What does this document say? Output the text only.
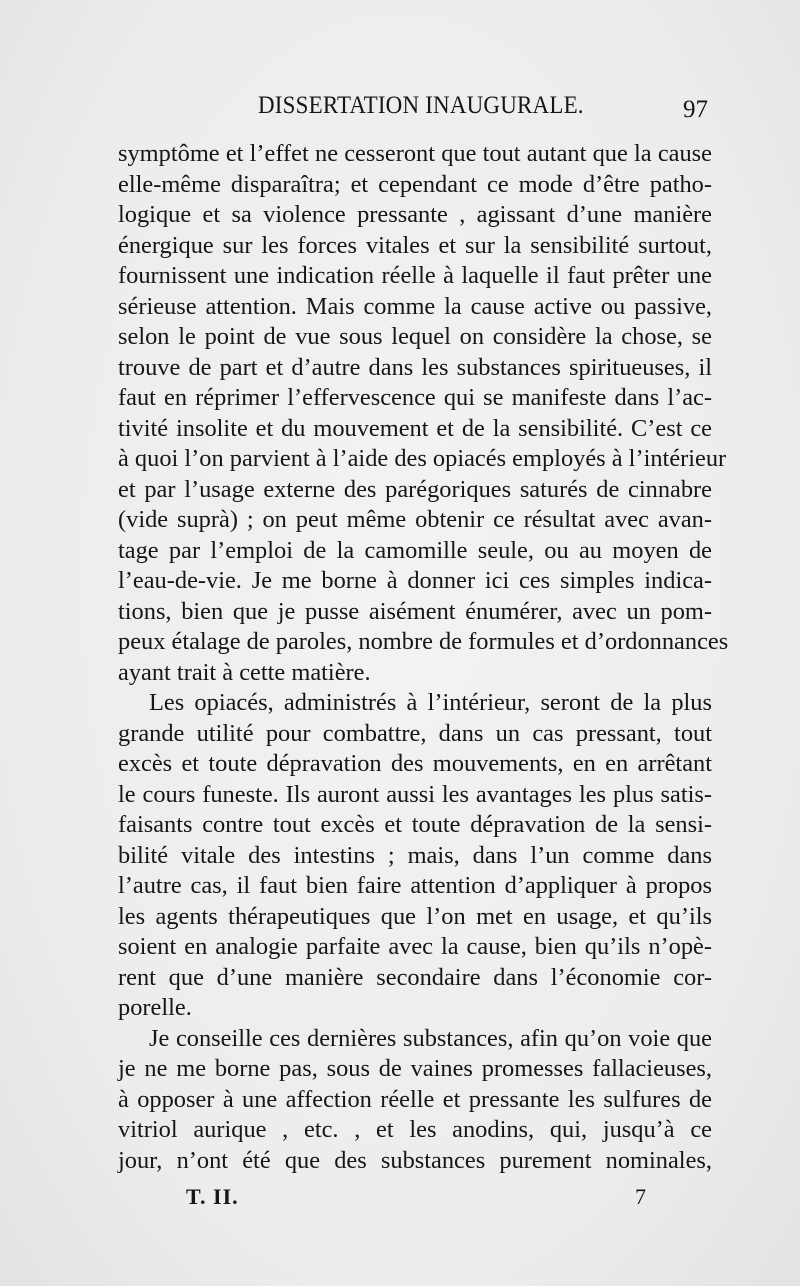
DISSERTATION INAUGURALE.	97
symptôme et l’effet ne cesseront que tout autant que la cause
elle-même disparaîtra; et cependant ce mode d’être patho-
logique et sa violence pressante , agissant d’une manière
énergique sur les forces vitales et sur la sensibilité surtout,
fournissent une indication réelle à laquelle il faut prêter une
sérieuse attention. Mais comme la cause active ou passive,
selon le point de vue sous lequel on considère la chose, se
trouve de part et d’autre dans les substances spiritueuses, il
faut en réprimer l’effervescence qui se manifeste dans l’ac-
tivité insolite et du mouvement et de la sensibilité. C’est ce
à quoi l’on parvient à l’aide des opiacés employés à l’intérieur
et par l’usage externe des parégoriques saturés de cinnabre
(vide suprà) ; on peut même obtenir ce résultat avec avan-
tage par l’emploi de la camomille seule, ou au moyen de
l’eau-de-vie. Je me borne à donner ici ces simples indica-
tions, bien que je pusse aisément énumérer, avec un pom-
peux étalage de paroles, nombre de formules et d’ordonnances
ayant trait à cette matière.
Les opiacés, administrés à l’intérieur, seront de la plus
grande utilité pour combattre, dans un cas pressant, tout
excès et toute dépravation des mouvements, en en arrêtant
le cours funeste. Ils auront aussi les avantages les plus satis-
faisants contre tout excès et toute dépravation de la sensi-
bilité vitale des intestins ; mais, dans l’un comme dans
l’autre cas, il faut bien faire attention d’appliquer à propos
les agents thérapeutiques que l’on met en usage, et qu’ils
soient en analogie parfaite avec la cause, bien qu’ils n’opè-
rent que d’une manière secondaire dans l’économie cor-
porelle.
Je conseille ces dernières substances, afin qu’on voie que
je ne me borne pas, sous de vaines promesses fallacieuses,
à opposer à une affection réelle et pressante les sulfures de
vitriol aurique , etc. , et les anodins, qui, jusqu’à ce
jour, n’ont été que des substances purement nominales,
T. II.	7
